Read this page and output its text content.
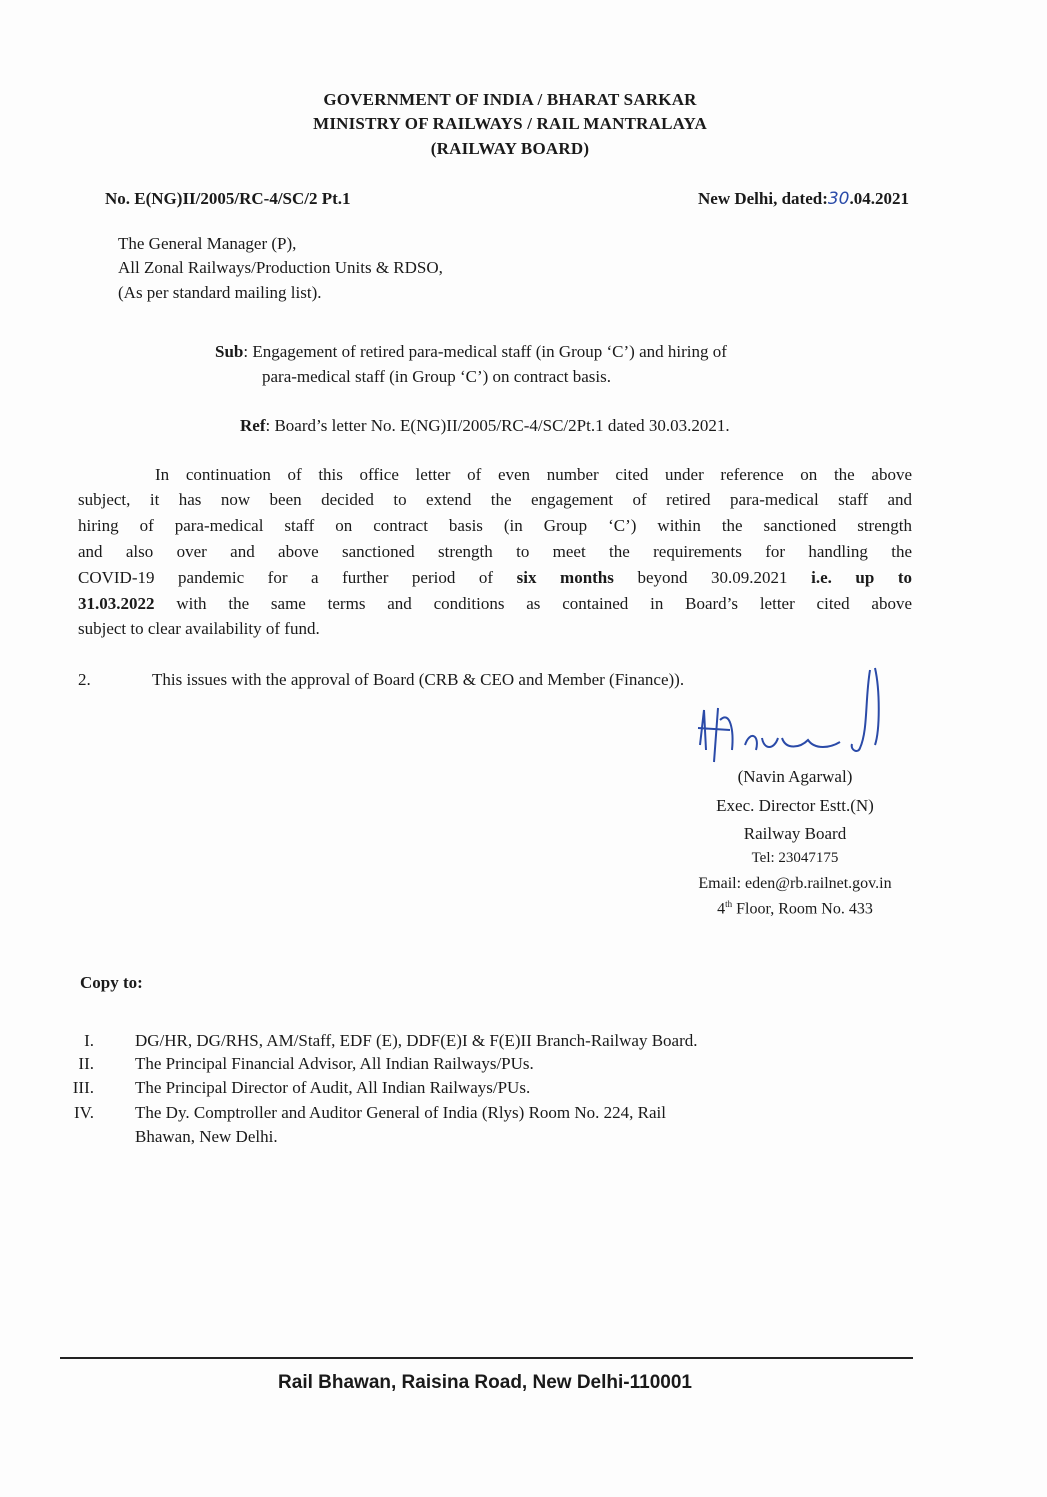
GOVERNMENT OF INDIA / BHARAT SARKAR
MINISTRY OF RAILWAYS / RAIL MANTRALAYA
(RAILWAY BOARD)
No. E(NG)II/2005/RC-4/SC/2 Pt.1	New Delhi, dated:30.04.2021
The General Manager (P),
All Zonal Railways/Production Units & RDSO,
(As per standard mailing list).
Sub: Engagement of retired para-medical staff (in Group ‘C’) and hiring of
para-medical staff (in Group ‘C’) on contract basis.
Ref: Board’s letter No. E(NG)II/2005/RC-4/SC/2Pt.1 dated 30.03.2021.
In continuation of this office letter of even number cited under reference on the above
subject, it has now been decided to extend the engagement of retired para-medical staff and
hiring of para-medical staff on contract basis (in Group ‘C’) within the sanctioned strength
and also over and above sanctioned strength to meet the requirements for handling the
COVID-19 pandemic for a further period of six months beyond 30.09.2021 i.e. up to
31.03.2022 with the same terms and conditions as contained in Board’s letter cited above
subject to clear availability of fund.
2.	This issues with the approval of Board (CRB & CEO and Member (Finance)).
(Navin Agarwal)
Exec. Director Estt.(N)
Railway Board
Tel: 23047175
Email: eden@rb.railnet.gov.in
4th Floor, Room No. 433
Copy to:
I. DG/HR, DG/RHS, AM/Staff, EDF (E), DDF(E)I & F(E)II Branch-Railway Board.
II. The Principal Financial Advisor, All Indian Railways/PUs.
III. The Principal Director of Audit, All Indian Railways/PUs.
IV. The Dy. Comptroller and Auditor General of India (Rlys) Room No. 224, Rail
Bhawan, New Delhi.
Rail Bhawan, Raisina Road, New Delhi-110001
